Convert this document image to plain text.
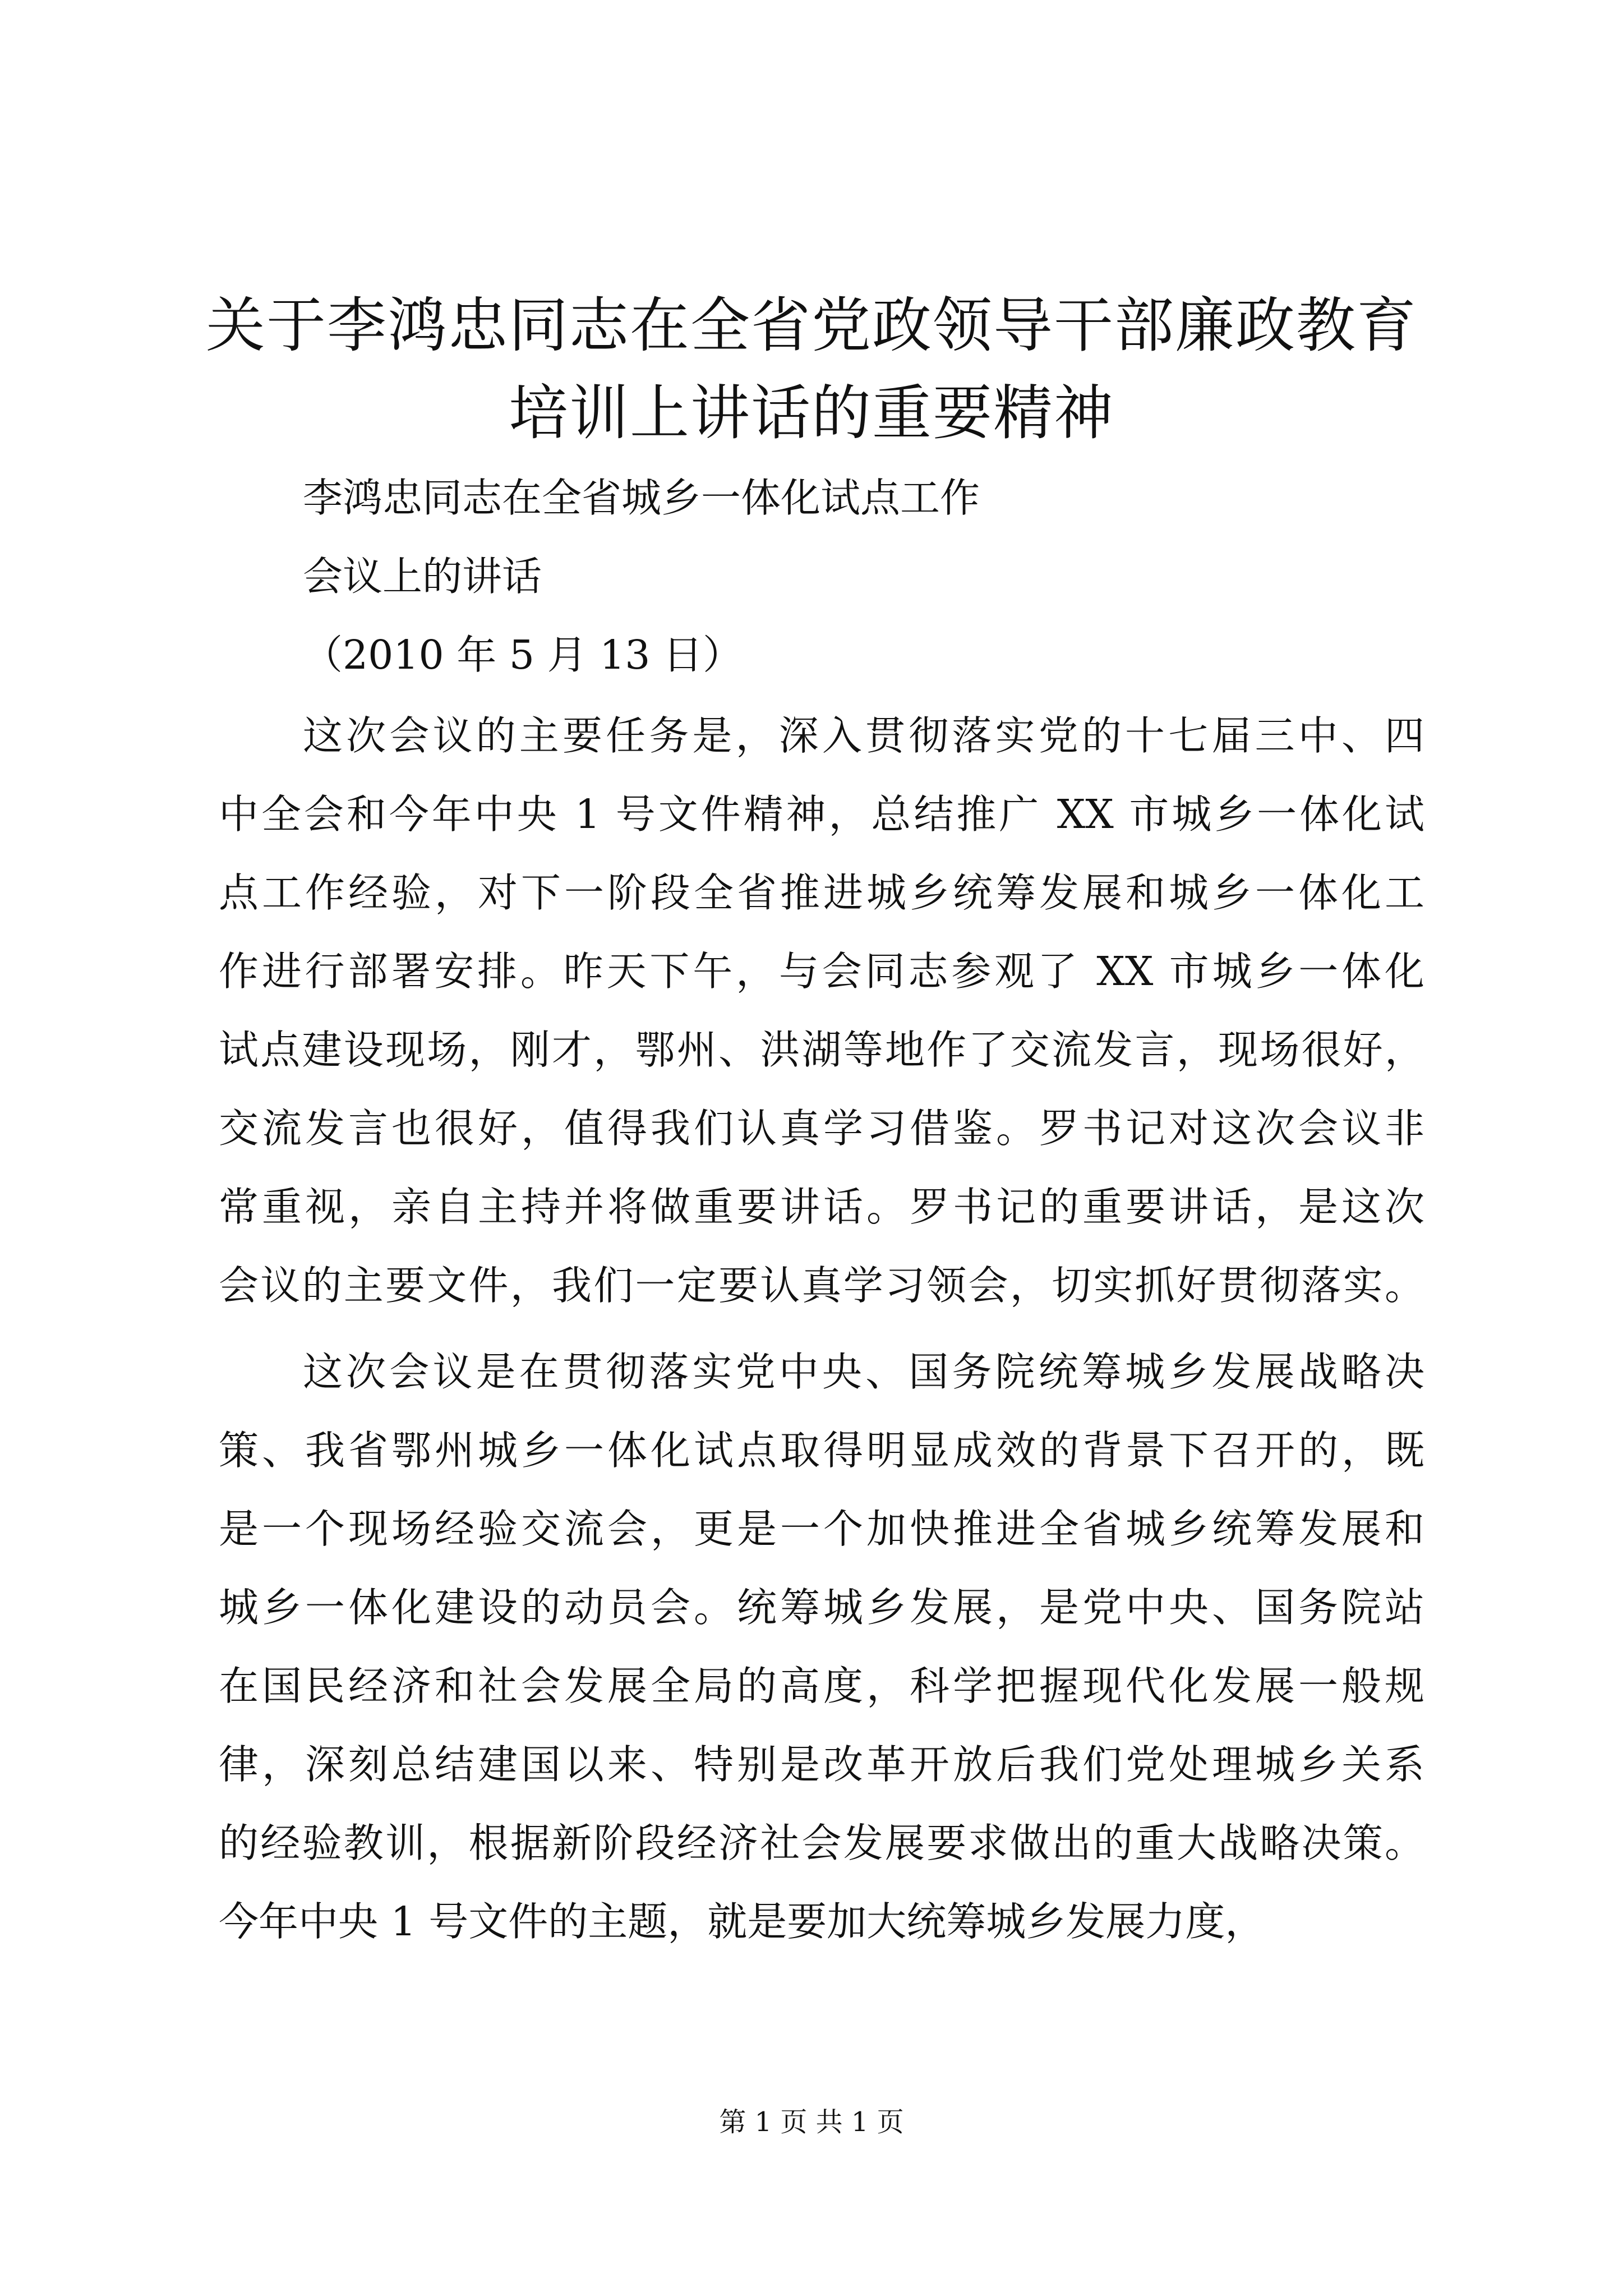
关于李鸿忠同志在全省党政领导干部廉政教育
培训上讲话的重要精神

李鸿忠同志在全省城乡一体化试点工作

会议上的讲话

（2010 年 5 月 13 日）

这次会议的主要任务是，深入贯彻落实党的十七届三中、四

中全会和今年中央 1 号文件精神，总结推广 XX 市城乡一体化试

点工作经验，对下一阶段全省推进城乡统筹发展和城乡一体化工

作进行部署安排。昨天下午，与会同志参观了 XX 市城乡一体化

试点建设现场，刚才，鄂州、洪湖等地作了交流发言，现场很好，

交流发言也很好，值得我们认真学习借鉴。罗书记对这次会议非

常重视，亲自主持并将做重要讲话。罗书记的重要讲话，是这次

会议的主要文件，我们一定要认真学习领会，切实抓好贯彻落实。

这次会议是在贯彻落实党中央、国务院统筹城乡发展战略决

策、我省鄂州城乡一体化试点取得明显成效的背景下召开的，既

是一个现场经验交流会，更是一个加快推进全省城乡统筹发展和

城乡一体化建设的动员会。统筹城乡发展，是党中央、国务院站

在国民经济和社会发展全局的高度，科学把握现代化发展一般规

律，深刻总结建国以来、特别是改革开放后我们党处理城乡关系

的经验教训，根据新阶段经济社会发展要求做出的重大战略决策。

今年中央 1 号文件的主题，就是要加大统筹城乡发展力度，

第 1 页 共 1 页
